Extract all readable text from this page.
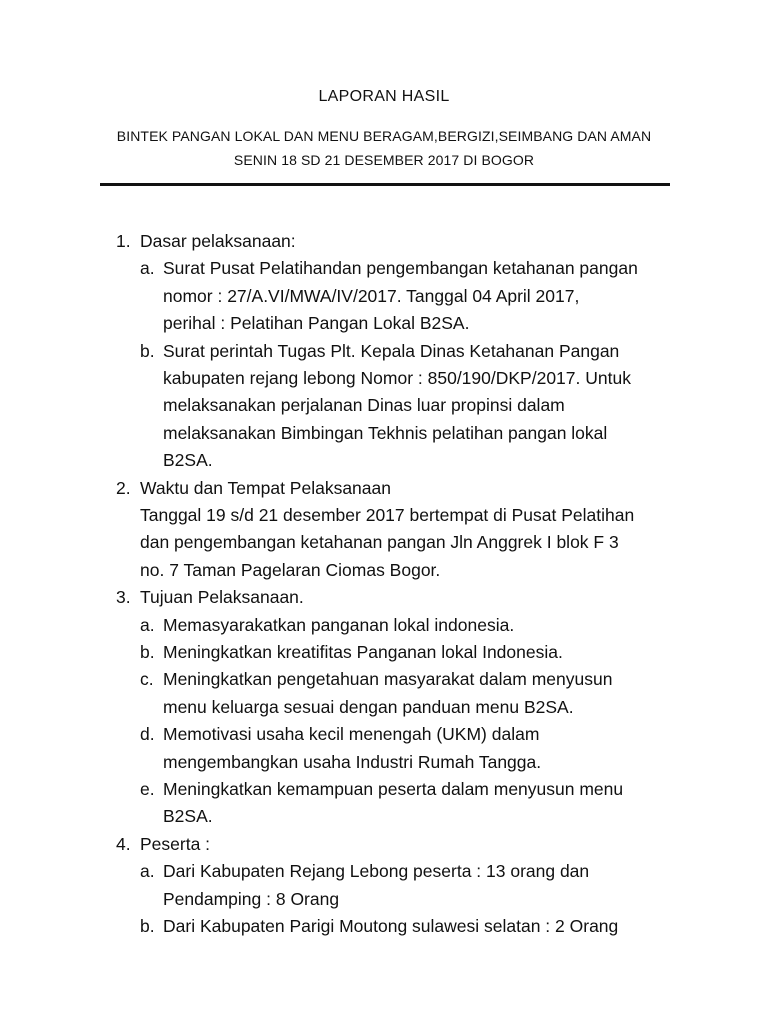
LAPORAN HASIL
BINTEK PANGAN LOKAL DAN MENU BERAGAM,BERGIZI,SEIMBANG DAN AMAN
SENIN 18 SD 21 DESEMBER 2017 DI BOGOR
1. Dasar pelaksanaan:
a. Surat Pusat Pelatihandan pengembangan ketahanan pangan
nomor : 27/A.VI/MWA/IV/2017. Tanggal 04 April 2017,
perihal : Pelatihan Pangan Lokal B2SA.
b. Surat perintah Tugas Plt. Kepala Dinas Ketahanan Pangan
kabupaten rejang lebong Nomor : 850/190/DKP/2017. Untuk
melaksanakan perjalanan Dinas luar propinsi dalam
melaksanakan Bimbingan Tekhnis pelatihan pangan lokal
B2SA.
2. Waktu dan Tempat Pelaksanaan
Tanggal 19 s/d 21 desember 2017 bertempat di Pusat Pelatihan
dan pengembangan ketahanan pangan Jln Anggrek I blok F 3
no. 7 Taman Pagelaran Ciomas Bogor.
3. Tujuan Pelaksanaan.
a. Memasyarakatkan panganan lokal indonesia.
b. Meningkatkan kreatifitas Panganan lokal Indonesia.
c. Meningkatkan pengetahuan masyarakat dalam menyusun
menu keluarga sesuai dengan panduan menu B2SA.
d. Memotivasi usaha kecil menengah (UKM) dalam
mengembangkan usaha Industri Rumah Tangga.
e. Meningkatkan kemampuan peserta dalam menyusun menu
B2SA.
4. Peserta :
a. Dari Kabupaten Rejang Lebong peserta : 13 orang dan
Pendamping : 8 Orang
b. Dari Kabupaten Parigi Moutong sulawesi selatan : 2 Orang
